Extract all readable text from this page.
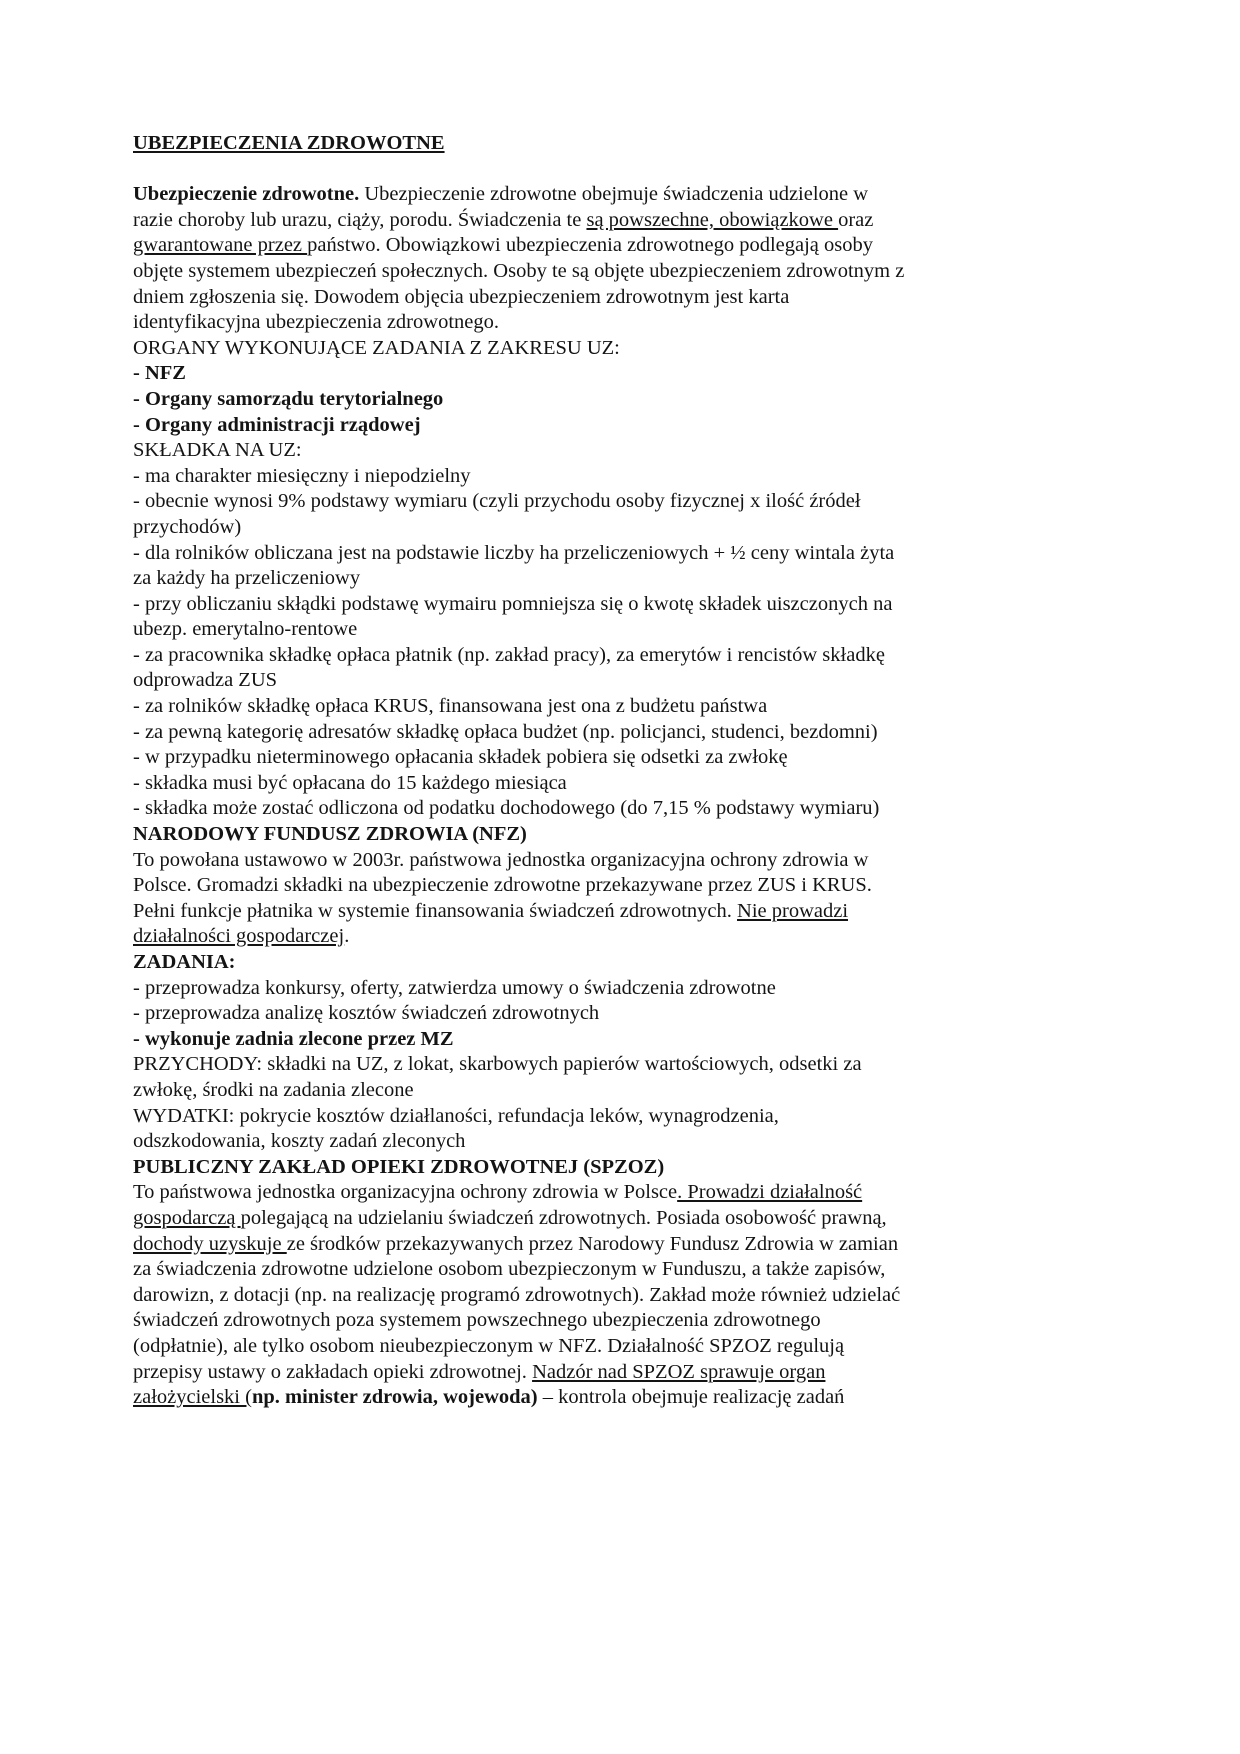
UBEZPIECZENIA ZDROWOTNE

Ubezpieczenie zdrowotne. Ubezpieczenie zdrowotne obejmuje świadczenia udzielone w
razie choroby lub urazu, ciąży, porodu. Świadczenia te są powszechne, obowiązkowe oraz
gwarantowane przez państwo. Obowiązkowi ubezpieczenia zdrowotnego podlegają osoby
objęte systemem ubezpieczeń społecznych. Osoby te są objęte ubezpieczeniem zdrowotnym z
dniem zgłoszenia się. Dowodem objęcia ubezpieczeniem zdrowotnym jest karta
identyfikacyjna ubezpieczenia zdrowotnego.
ORGANY WYKONUJĄCE ZADANIA Z ZAKRESU UZ:
- NFZ
- Organy samorządu terytorialnego
- Organy administracji rządowej
SKŁADKA NA UZ:
- ma charakter miesięczny i niepodzielny
- obecnie wynosi 9% podstawy wymiaru (czyli przychodu osoby fizycznej x ilość źródeł
przychodów)
- dla rolników obliczana jest na podstawie liczby ha przeliczeniowych + ½ ceny wintala żyta
za każdy ha przeliczeniowy
- przy obliczaniu skłądki podstawę wymairu pomniejsza się o kwotę składek uiszczonych na
ubezp. emerytalno-rentowe
- za pracownika składkę opłaca płatnik (np. zakład pracy), za emerytów i rencistów składkę
odprowadza ZUS
- za rolników składkę opłaca KRUS, finansowana jest ona z budżetu państwa
- za pewną kategorię adresatów składkę opłaca budżet (np. policjanci, studenci, bezdomni)
- w przypadku nieterminowego opłacania składek pobiera się odsetki za zwłokę
- składka musi być opłacana do 15 każdego miesiąca
- składka może zostać odliczona od podatku dochodowego (do 7,15 % podstawy wymiaru)
NARODOWY FUNDUSZ ZDROWIA (NFZ)
To powołana ustawowo w 2003r. państwowa jednostka organizacyjna ochrony zdrowia w
Polsce. Gromadzi składki na ubezpieczenie zdrowotne przekazywane przez ZUS i KRUS.
Pełni funkcje płatnika w systemie finansowania świadczeń zdrowotnych. Nie prowadzi
działalności gospodarczej.
ZADANIA:
- przeprowadza konkursy, oferty, zatwierdza umowy o świadczenia zdrowotne
- przeprowadza analizę kosztów świadczeń zdrowotnych
- wykonuje zadnia zlecone przez MZ
PRZYCHODY: składki na UZ, z lokat, skarbowych papierów wartościowych, odsetki za
zwłokę, środki na zadania zlecone
WYDATKI: pokrycie kosztów działlaności, refundacja leków, wynagrodzenia,
odszkodowania, koszty zadań zleconych
PUBLICZNY ZAKŁAD OPIEKI ZDROWOTNEJ (SPZOZ)
To państwowa jednostka organizacyjna ochrony zdrowia w Polsce. Prowadzi działalność
gospodarczą polegającą na udzielaniu świadczeń zdrowotnych. Posiada osobowość prawną,
dochody uzyskuje ze środków przekazywanych przez Narodowy Fundusz Zdrowia w zamian
za świadczenia zdrowotne udzielone osobom ubezpieczonym w Funduszu, a także zapisów,
darowizn, z dotacji (np. na realizację programó zdrowotnych). Zakład może również udzielać
świadczeń zdrowotnych poza systemem powszechnego ubezpieczenia zdrowotnego
(odpłatnie), ale tylko osobom nieubezpieczonym w NFZ. Działalność SPZOZ regulują
przepisy ustawy o zakładach opieki zdrowotnej. Nadzór nad SPZOZ sprawuje organ
założycielski (np. minister zdrowia, wojewoda) – kontrola obejmuje realizację zadań
